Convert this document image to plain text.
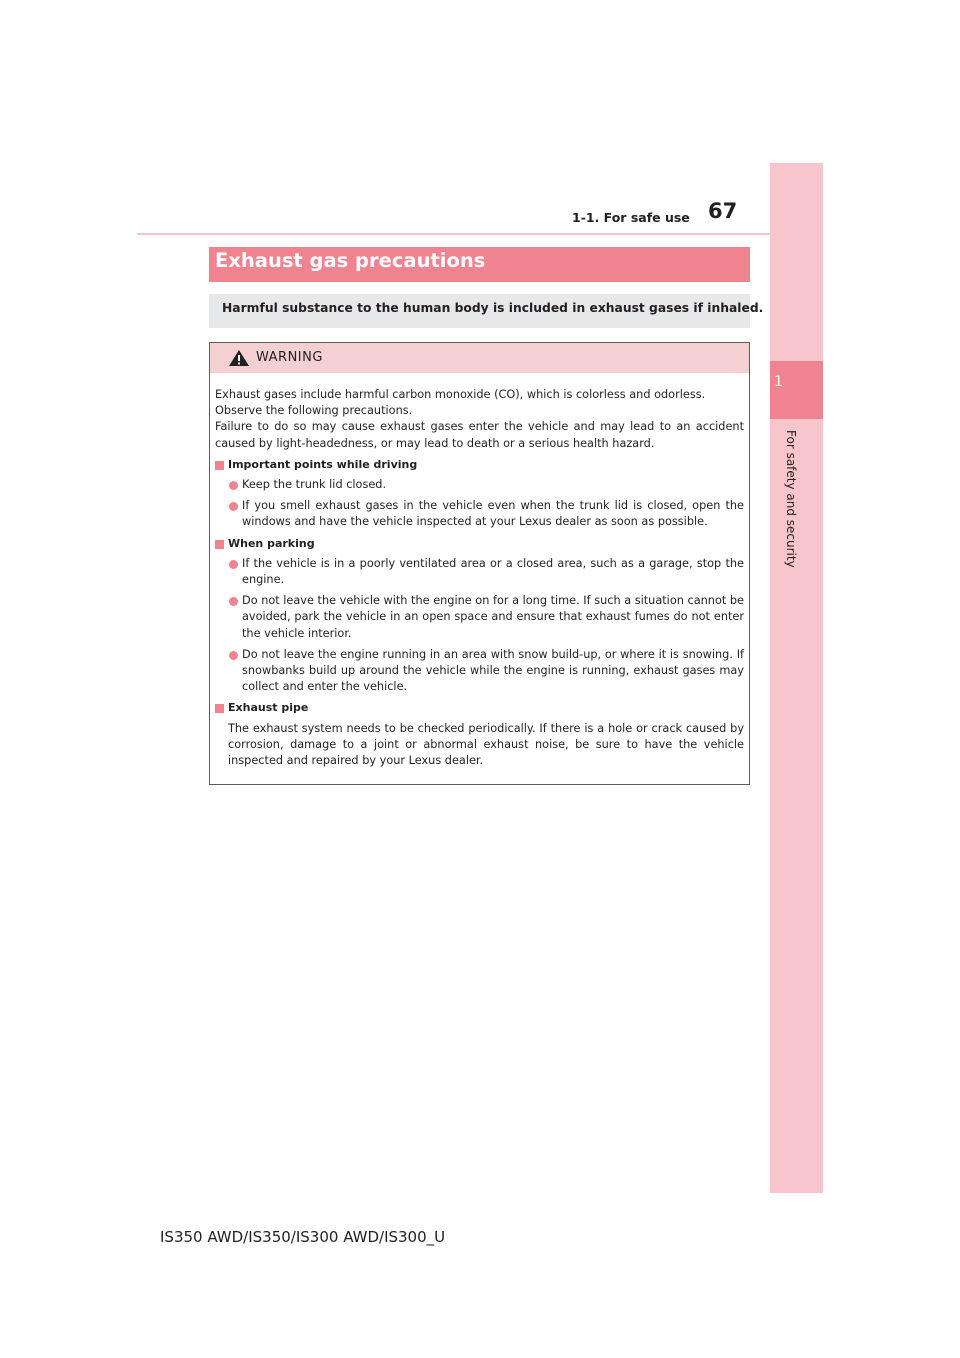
1-1. For safe use 67
1
For safety and security
Exhaust gas precautions
Harmful substance to the human body is included in exhaust gases if inhaled.
WARNING
Exhaust gases include harmful carbon monoxide (CO), which is colorless and odorless.
Observe the following precautions.
Failure to do so may cause exhaust gases enter the vehicle and may lead to an accident caused by light-headedness, or may lead to death or a serious health hazard.
Important points while driving
Keep the trunk lid closed.
If you smell exhaust gases in the vehicle even when the trunk lid is closed, open the windows and have the vehicle inspected at your Lexus dealer as soon as possible.
When parking
If the vehicle is in a poorly ventilated area or a closed area, such as a garage, stop the engine.
Do not leave the vehicle with the engine on for a long time. If such a situation cannot be avoided, park the vehicle in an open space and ensure that exhaust fumes do not enter the vehicle interior.
Do not leave the engine running in an area with snow build-up, or where it is snowing. If snowbanks build up around the vehicle while the engine is running, exhaust gases may collect and enter the vehicle.
Exhaust pipe

The exhaust system needs to be checked periodically. If there is a hole or crack caused by corrosion, damage to a joint or abnormal exhaust noise, be sure to have the vehicle inspected and repaired by your Lexus dealer.

IS350 AWD/IS350/IS300 AWD/IS300_U
